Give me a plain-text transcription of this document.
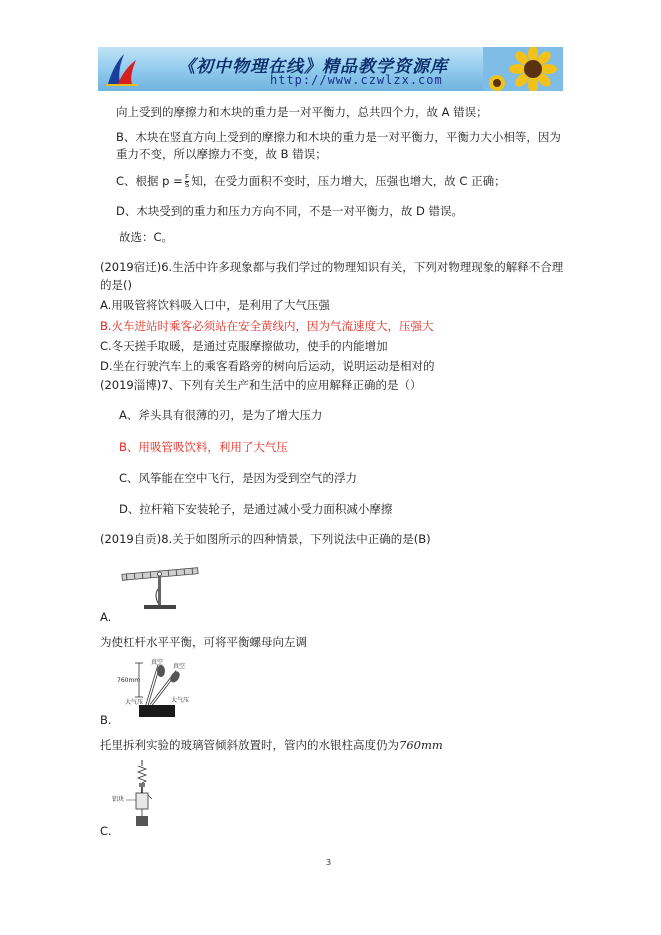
《初中物理在线》精品教学资源库
http://www.czwlzx.com
向上受到的摩擦力和木块的重力是一对平衡力，总共四个力，故 A 错误；
B、木块在竖直方向上受到的摩擦力和木块的重力是一对平衡力，平衡力大小相等，因为
重力不变，所以摩擦力不变，故 B 错误；
C、根据 $p = \frac{F}{S}$ 知，在受力面积不变时，压力增大，压强也增大，故 C 正确；
D、木块受到的重力和压力方向不同，不是一对平衡力，故 D 错误。
故选：C。
(2019宿迁)6.生活中许多现象都与我们学过的物理知识有关，下列对物理现象的解释不合理
的是()
A.用吸管将饮料吸入口中，是利用了大气压强
B.火车进站时乘客必须站在安全黄线内，因为气流速度大，压强大
C.冬天搓手取暖，是通过克服摩擦做功，使手的内能增加
D.坐在行驶汽车上的乘客看路旁的树向后运动，说明运动是相对的
(2019淄博)7、下列有关生产和生活中的应用解释正确的是（）
A、斧头具有很薄的刃，是为了增大压力
B、用吸管吸饮料，利用了大气压
C、风筝能在空中飞行，是因为受到空气的浮力
D、拉杆箱下安装轮子，是通过减小受力面积减小摩擦
(2019自贡)8.关于如图所示的四种情景，下列说法中正确的是(B)
A.
为使杠杆水平平衡，可将平衡螺母向左调
760mm
真空
真空
大气压	大气压
B.
托里拆利实验的玻璃管倾斜放置时，管内的水银柱高度仍为760mm
铝块
C.
3
